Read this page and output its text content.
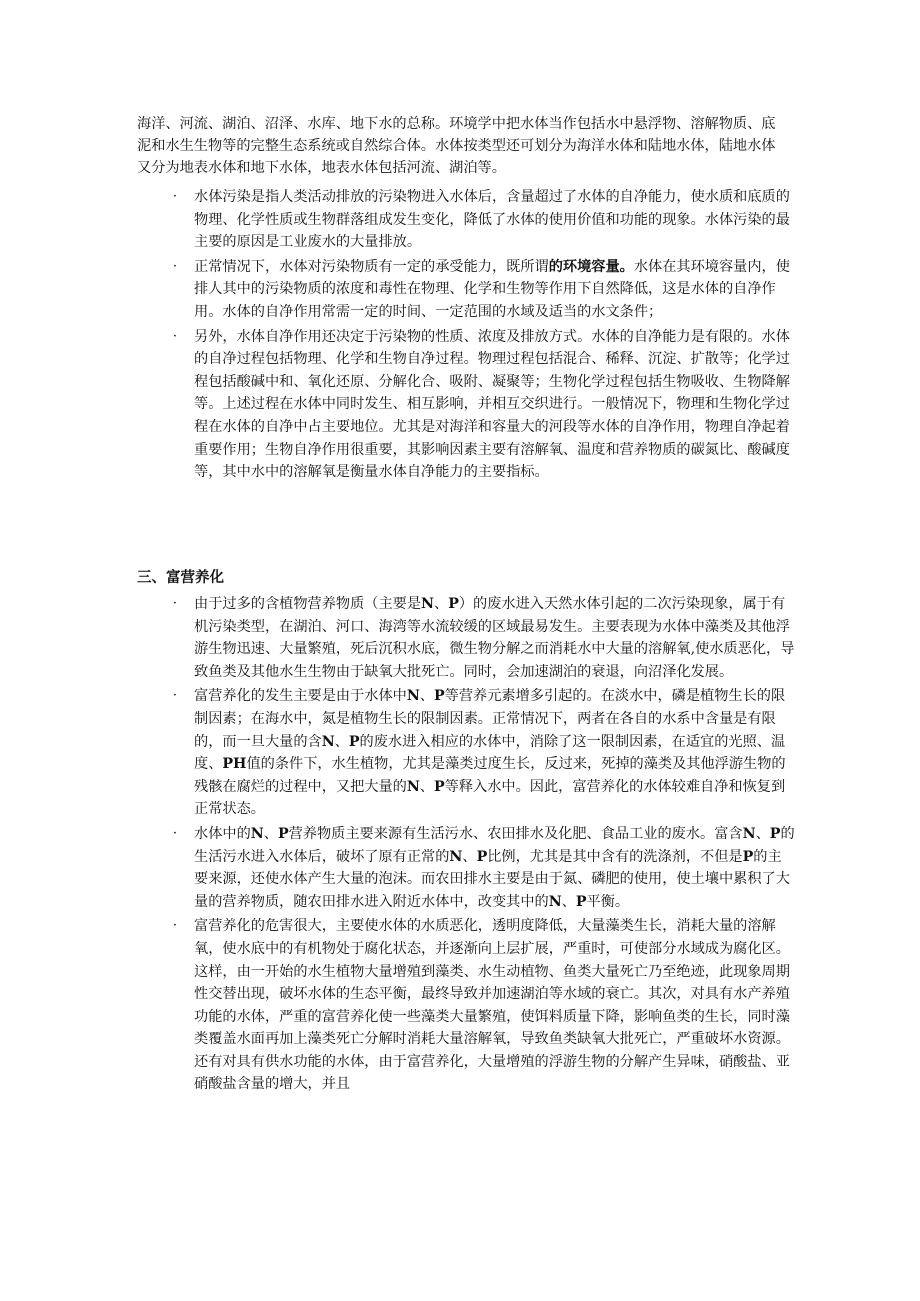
海洋、河流、湖泊、沼泽、水库、地下水的总称。环境学中把水体当作包括水中悬浮物、溶解物质、底泥和水生生物等的完整生态系统或自然综合体。水体按类型还可划分为海洋水体和陆地水体，陆地水体又分为地表水体和地下水体，地表水体包括河流、湖泊等。
· 水体污染是指人类活动排放的污染物进入水体后，含量超过了水体的自净能力，使水质和底质的物理、化学性质或生物群落组成发生变化，降低了水体的使用价值和功能的现象。水体污染的最主要的原因是工业废水的大量排放。
· 正常情况下，水体对污染物质有一定的承受能力，既所谓的环境容量。水体在其环境容量内，使排人其中的污染物质的浓度和毒性在物理、化学和生物等作用下自然降低，这是水体的自净作用。水体的自净作用常需一定的时间、一定范围的水域及适当的水文条件；
· 另外，水体自净作用还决定于污染物的性质、浓度及排放方式。水体的自净能力是有限的。水体的自净过程包括物理、化学和生物自净过程。物理过程包括混合、稀释、沉淀、扩散等；化学过程包括酸碱中和、氧化还原、分解化合、吸附、凝聚等；生物化学过程包括生物吸收、生物降解等。上述过程在水体中同时发生、相互影响，并相互交织进行。一般情况下，物理和生物化学过程在水体的自净中占主要地位。尤其是对海洋和容量大的河段等水体的自净作用，物理自净起着重要作用；生物自净作用很重要，其影响因素主要有溶解氧、温度和营养物质的碳氮比、酸碱度等，其中水中的溶解氧是衡量水体自净能力的主要指标。
三、富营养化
· 由于过多的含植物营养物质（主要是N、P）的废水进入天然水体引起的二次污染现象，属于有机污染类型，在湖泊、河口、海湾等水流较缓的区域最易发生。主要表现为水体中藻类及其他浮游生物迅速、大量繁殖，死后沉积水底，微生物分解之而消耗水中大量的溶解氧,使水质恶化，导致鱼类及其他水生生物由于缺氧大批死亡。同时，会加速湖泊的衰退，向沼泽化发展。
· 富营养化的发生主要是由于水体中N、P等营养元素增多引起的。在淡水中，磷是植物生长的限制因素；在海水中，氮是植物生长的限制因素。正常情况下，两者在各自的水系中含量是有限的，而一旦大量的含N、P的废水进入相应的水体中，消除了这一限制因素，在适宜的光照、温度、PH值的条件下，水生植物，尤其是藻类过度生长，反过来，死掉的藻类及其他浮游生物的残骸在腐烂的过程中，又把大量的N、P等释入水中。因此，富营养化的水体较难自净和恢复到正常状态。
· 水体中的N、P营养物质主要来源有生活污水、农田排水及化肥、食品工业的废水。富含N、P的生活污水进入水体后，破坏了原有正常的N、P比例，尤其是其中含有的洗涤剂，不但是P的主要来源，还使水体产生大量的泡沫。而农田排水主要是由于氮、磷肥的使用，使土壤中累积了大量的营养物质，随农田排水进入附近水体中，改变其中的N、P平衡。
· 富营养化的危害很大，主要使水体的水质恶化，透明度降低，大量藻类生长，消耗大量的溶解氧，使水底中的有机物处于腐化状态，并逐渐向上层扩展，严重时，可使部分水域成为腐化区。这样，由一开始的水生植物大量增殖到藻类、水生动植物、鱼类大量死亡乃至绝迹，此现象周期性交替出现，破坏水体的生态平衡，最终导致并加速湖泊等水域的衰亡。其次，对具有水产养殖功能的水体，严重的富营养化使一些藻类大量繁殖，使饵料质量下降，影响鱼类的生长，同时藻类覆盖水面再加上藻类死亡分解时消耗大量溶解氧，导致鱼类缺氧大批死亡，严重破坏水资源。还有对具有供水功能的水体，由于富营养化，大量增殖的浮游生物的分解产生异味，硝酸盐、亚硝酸盐含量的增大，并且
